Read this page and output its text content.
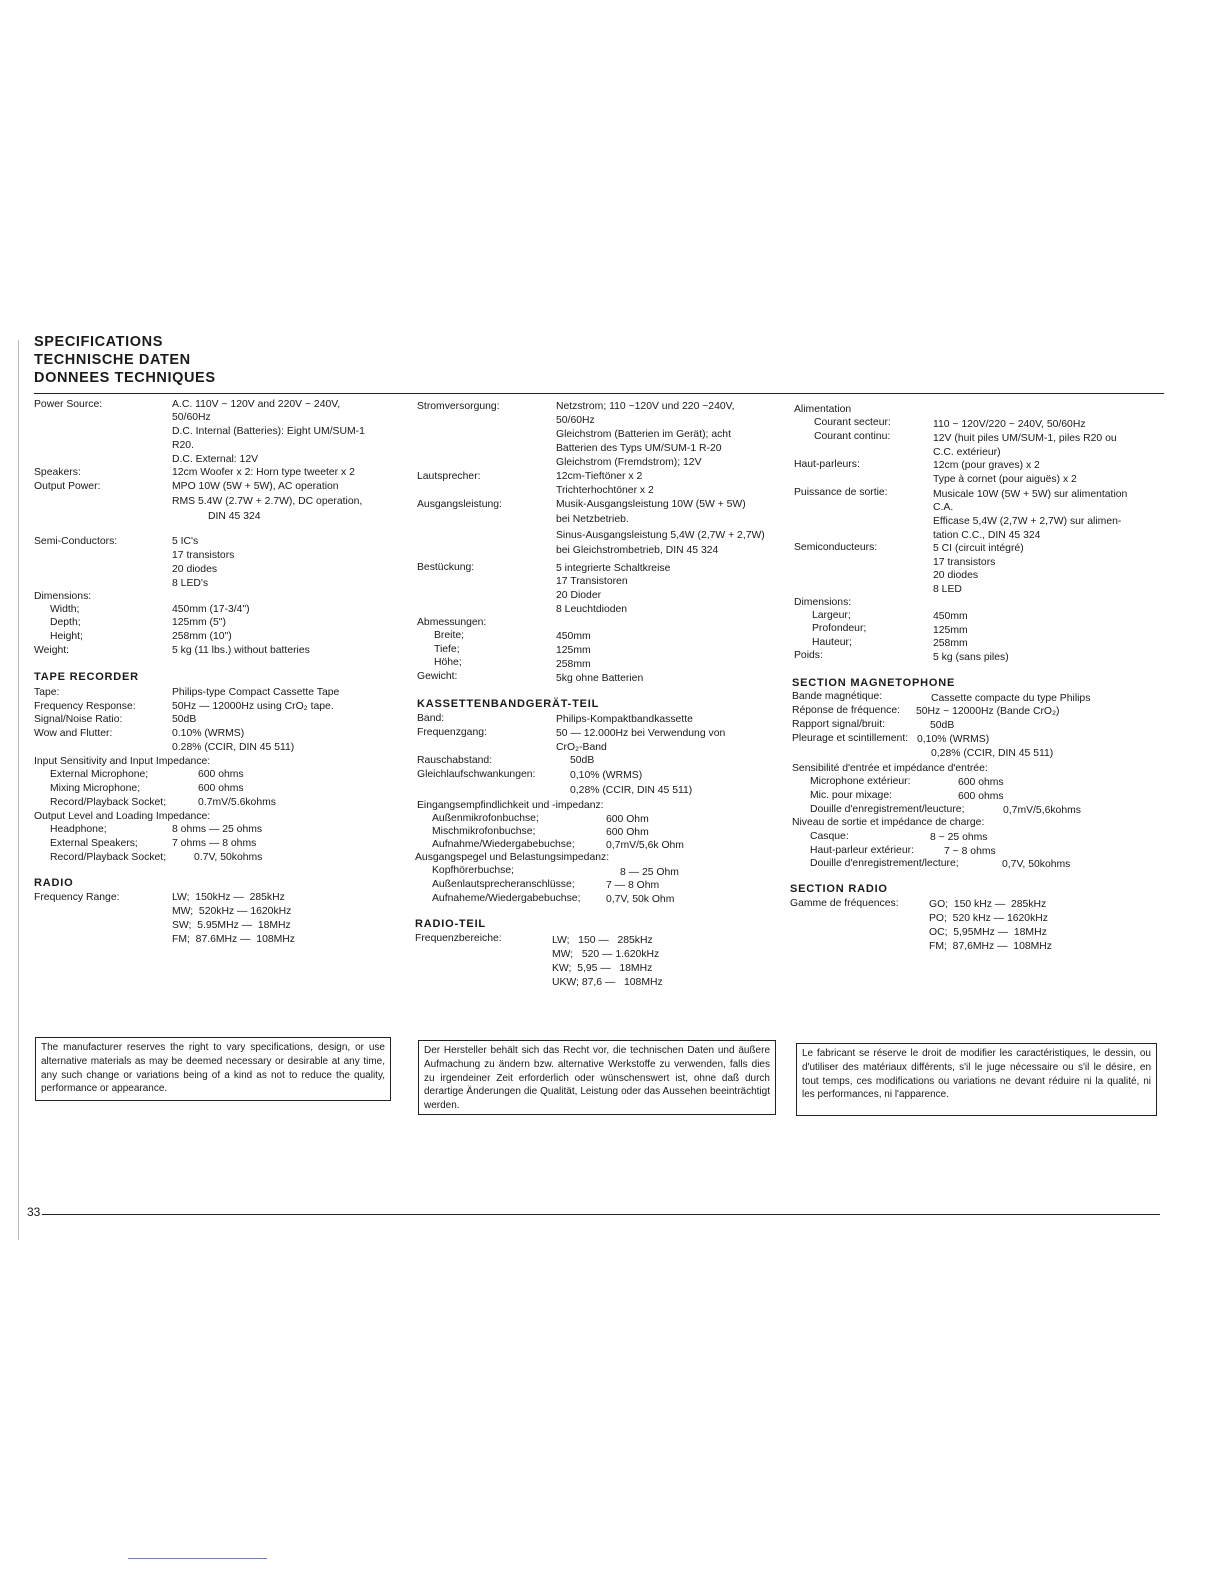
SPECIFICATIONS
TECHNISCHE DATEN
DONNEES TECHNIQUES
Power Source:	A.C. 110V ~ 120V and 220V ~ 240V,
50/60Hz
D.C. Internal (Batteries): Eight UM/SUM-1
R20.
D.C. External: 12V
Speakers:	12cm Woofer x 2: Horn type tweeter x 2
Output Power:	MPO 10W (5W + 5W), AC operation
RMS 5.4W (2.7W + 2.7W), DC operation,
DIN 45 324
Semi-Conductors:	5 IC's
17 transistors
20 diodes
8 LED's
Dimensions:
Width;	450mm (17-3/4")
Depth;	125mm (5")
Height;	258mm (10")
Weight:	5 kg (11 lbs.) without batteries
TAPE RECORDER
Tape:	Philips-type Compact Cassette Tape
Frequency Response:	50Hz — 12000Hz using CrO₂ tape.
Signal/Noise Ratio:	50dB
Wow and Flutter:	0.10% (WRMS)
0.28% (CCIR, DIN 45 511)
Input Sensitivity and Input Impedance:
External Microphone;	600 ohms
Mixing Microphone;	600 ohms
Record/Playback Socket;	0.7mV/5.6kohms
Output Level and Loading Impedance:
Headphone;	8 ohms — 25 ohms
External Speakers;	7 ohms — 8 ohms
Record/Playback Socket;	0.7V, 50kohms
RADIO
Frequency Range:	LW;  150kHz —  285kHz
MW;  520kHz — 1620kHz
SW;  5.95MHz —  18MHz
FM;  87.6MHz —  108MHz
Stromversorgung:	Netzstrom; 110 ~120V und 220 ~240V,
50/60Hz
Gleichstrom (Batterien im Gerät); acht
Batterien des Typs UM/SUM-1 R-20
Gleichstrom (Fremdstrom); 12V
Lautsprecher:	12cm-Tieftöner x 2
Trichterhochtöner x 2
Ausgangsleistung:	Musik-Ausgangsleistung 10W (5W + 5W)
bei Netzbetrieb.
Sinus-Ausgangsleistung 5,4W (2,7W + 2,7W)
bei Gleichstrombetrieb, DIN 45 324
Bestückung:	5 integrierte Schaltkreise
17 Transistoren
20 Dioder
8 Leuchtdioden
Abmessungen:
Breite;	450mm
Tiefe;	125mm
Höhe;	258mm
Gewicht:	5kg ohne Batterien
KASSETTENBANDGERÄT-TEIL
Band:	Philips-Kompaktbandkassette
Frequenzgang:	50 — 12.000Hz bei Verwendung von
CrO₂-Band
Rauschabstand:	50dB
Gleichlaufschwankungen:	0,10% (WRMS)
0,28% (CCIR, DIN 45 511)
Eingangsempfindlichkeit und -impedanz:
Außenmikrofonbuchse;	600 Ohm
Mischmikrofonbuchse;	600 Ohm
Aufnahme/Wiedergabebuchse;	0,7mV/5,6k Ohm
Ausgangspegel und Belastungsimpedanz:
Kopfhörerbuchse;	8 — 25 Ohm
Außenlautsprecheranschlüsse;	7 — 8 Ohm
Aufnaheme/Wiedergabebuchse; 0,7V, 50k Ohm
RADIO-TEIL
Frequenzbereiche:	LW;   150 —   285kHz
MW;   520 — 1.620kHz
KW;  5,95 —   18MHz
UKW; 87,6 —   108MHz
Alimentation
Courant secteur:	110 ~ 120V/220 ~ 240V, 50/60Hz
Courant continu:	12V (huit piles UM/SUM-1, piles R20 ou
C.C. extérieur)
Haut-parleurs:	12cm (pour graves) x 2
Type à cornet (pour aiguës) x 2
Puissance de sortie:	Musicale 10W (5W + 5W) sur alimentation
C.A.
Efficase 5,4W (2,7W + 2,7W) sur alimen-
tation C.C., DIN 45 324
Semiconducteurs:	5 CI (circuit intégré)
17 transistors
20 diodes
8 LED
Dimensions:
Largeur;	450mm
Profondeur;	125mm
Hauteur;	258mm
Poids:	5 kg (sans piles)
SECTION MAGNETOPHONE
Bande magnétique:	Cassette compacte du type Philips
Réponse de fréquence: 50Hz ~ 12000Hz (Bande CrO₂)
Rapport signal/bruit:	50dB
Pleurage et scintillement: 0,10% (WRMS)
0,28% (CCIR, DIN 45 511)
Sensibilité d'entrée et impédance d'entrée:
Microphone extérieur:	600 ohms
Mic. pour mixage:	600 ohms
Douille d'enregistrement/leucture;	0,7mV/5,6kohms
Niveau de sortie et impédance de charge:
Casque:	8 ~ 25 ohms
Haut-parleur extérieur:	7 ~ 8 ohms
Douille d'enregistrement/lecture;	0,7V, 50kohms
SECTION RADIO
Gamme de fréquences:	GO;  150 kHz —  285kHz
PO;  520 kHz — 1620kHz
OC;  5,95MHz —  18MHz
FM;  87,6MHz —  108MHz
The manufacturer reserves the right to vary specifications, design, or use alternative materials as may be deemed necessary or desirable at any time, any such change or variations being of a kind as not to reduce the quality, performance or appearance.
Der Hersteller behält sich das Recht vor, die technischen Daten und äußere Aufmachung zu ändern bzw. alternative Werkstoffe zu verwenden, falls dies zu irgendeiner Zeit erforderlich oder wünschenswert ist, ohne daß durch derartige Änderungen die Qualität, Leistung oder das Aussehen beeinträchtigt werden.
Le fabricant se réserve le droit de modifier les caractéristiques, le dessin, ou d'utiliser des matériaux différents, s'il le juge nécessaire ou s'il le désire, en tout temps, ces modifications ou variations ne devant réduire ni la qualité, ni les performances, ni l'apparence.
33
